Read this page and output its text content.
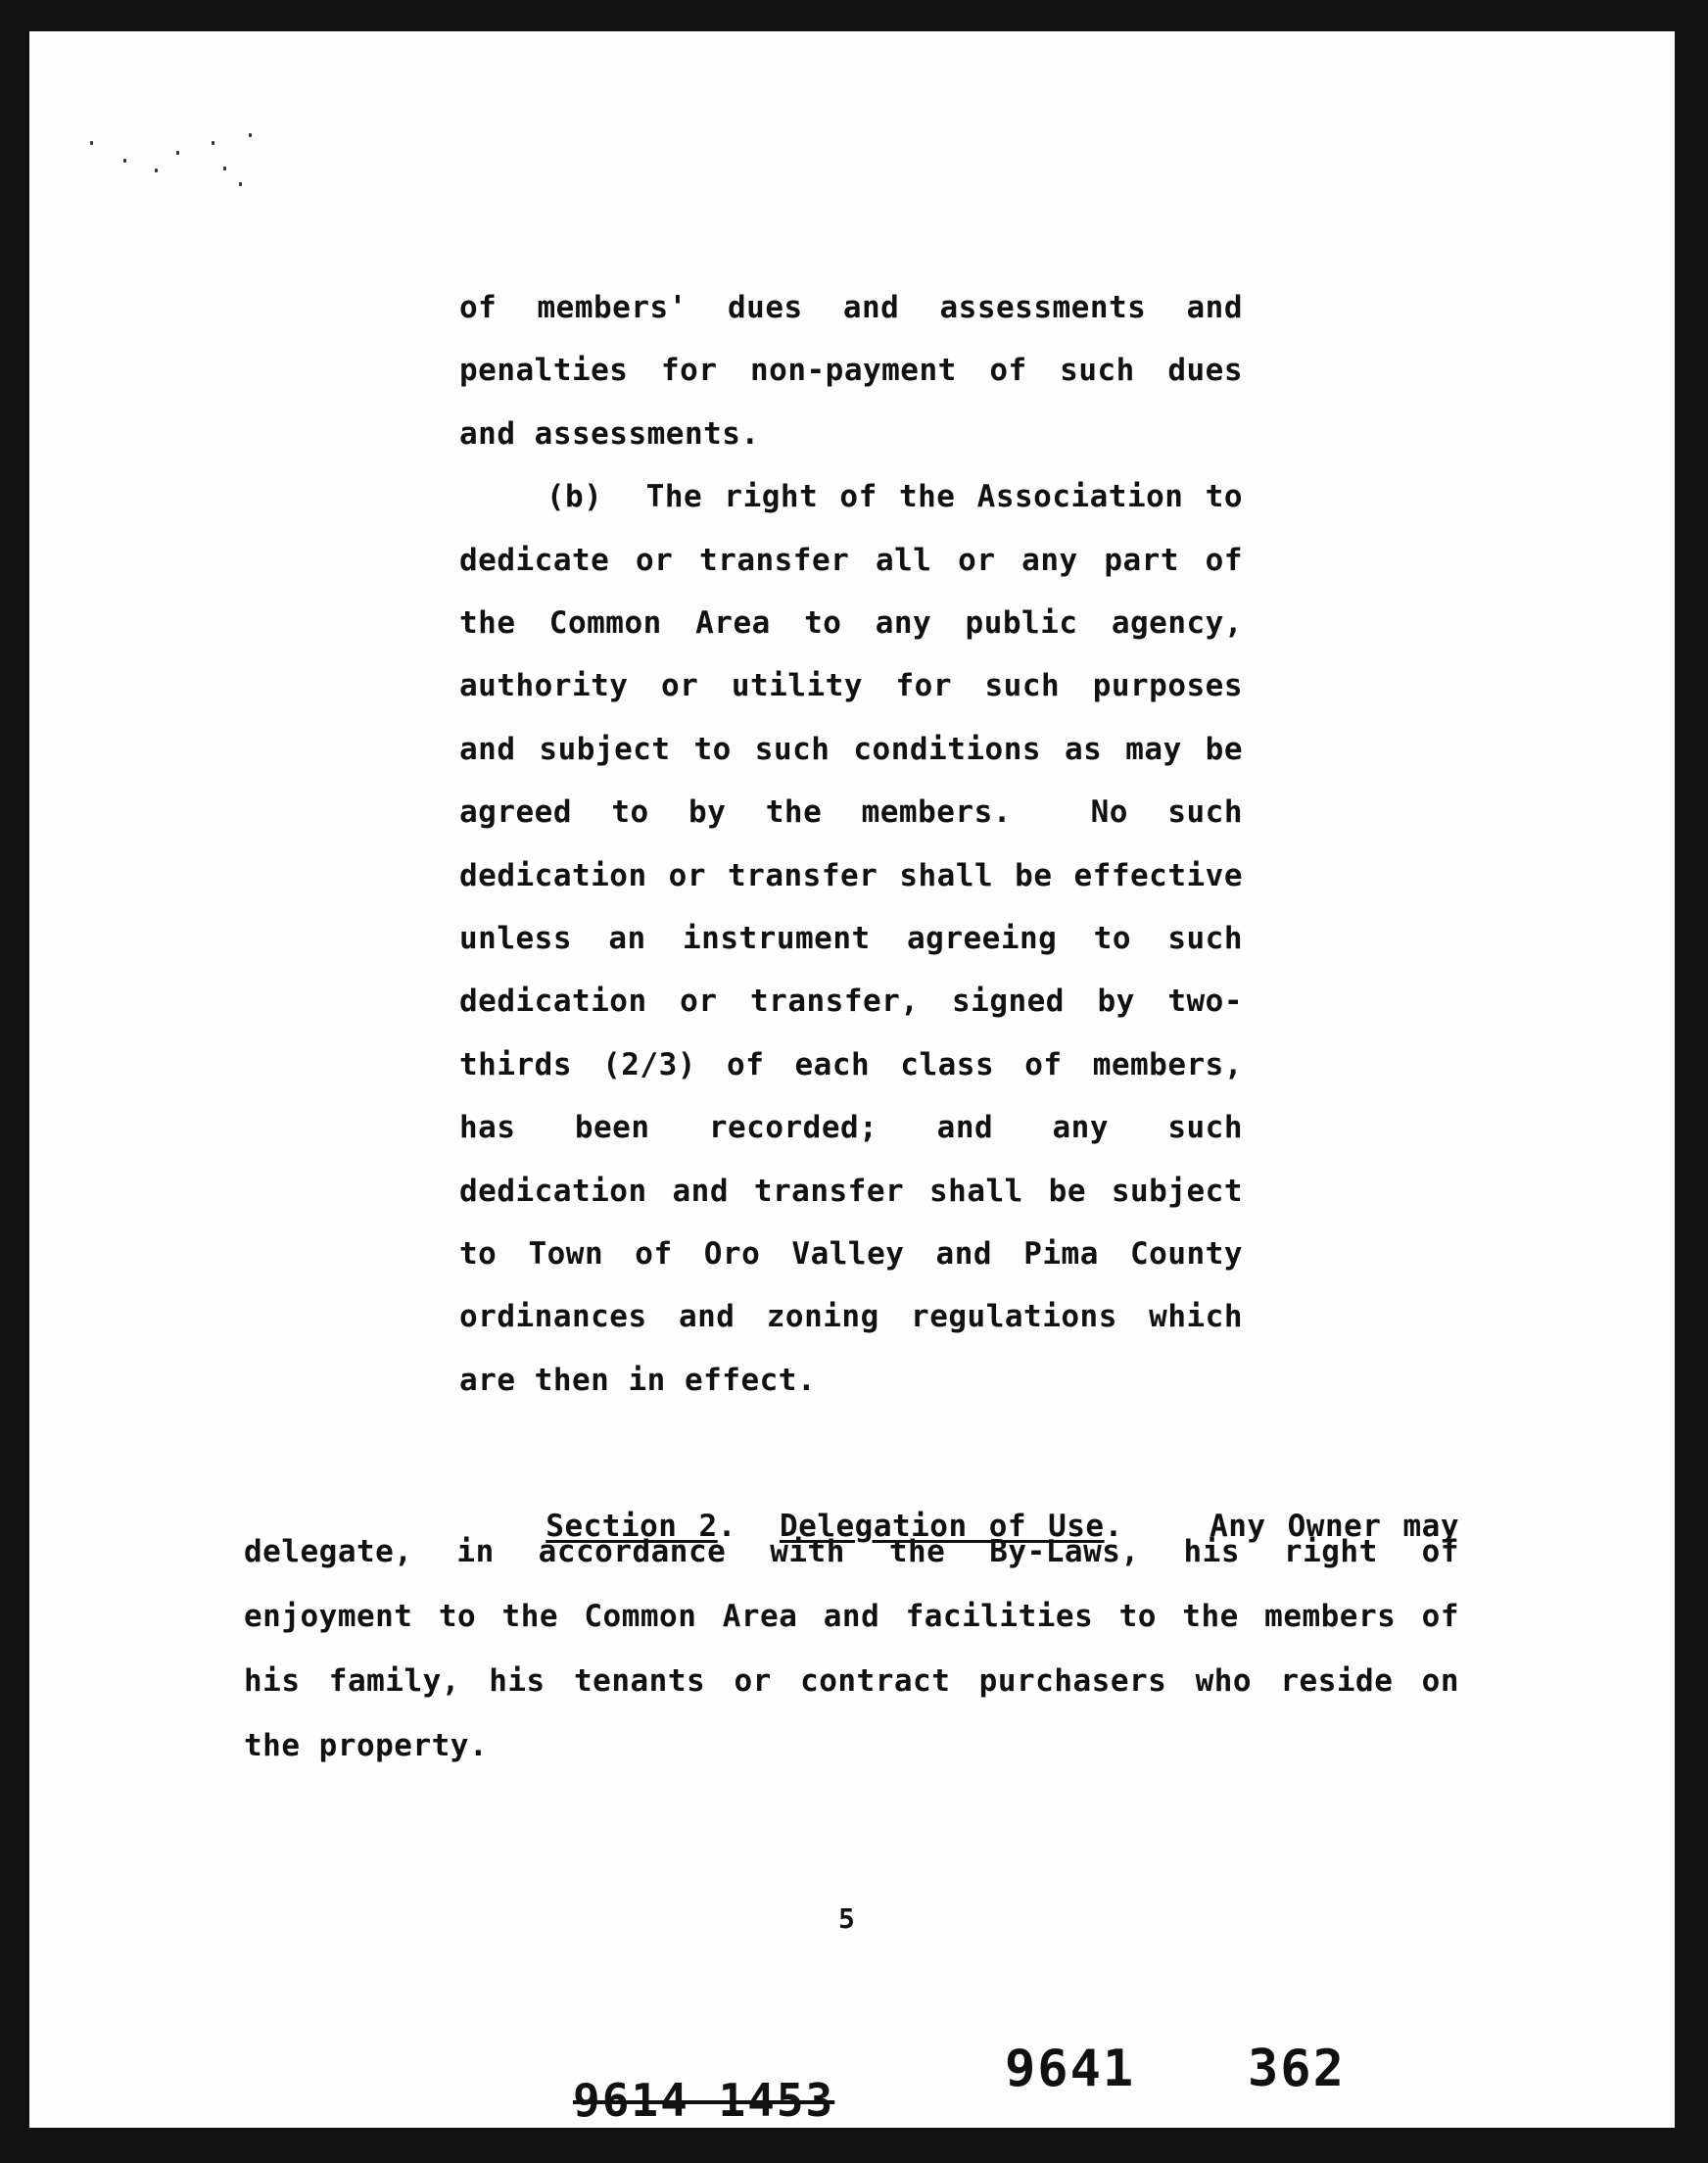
of members' dues and assessments and
penalties for non-payment of such dues
and assessments.
(b)  The right of the Association to
dedicate or transfer all or any part of
the Common Area to any public agency,
authority or utility for such purposes
and subject to such conditions as may be
agreed to by the members.  No such
dedication or transfer shall be effective
unless an instrument agreeing to such
dedication or transfer, signed by two-
thirds (2/3) of each class of members,
has been recorded; and any such
dedication and transfer shall be subject
to Town of Oro Valley and Pima County
ordinances and zoning regulations which
are then in effect.

Section 2.  Delegation of Use.    Any Owner may

delegate, in accordance with the By-Laws, his right of
enjoyment to the Common Area and facilities to the members of
his family, his tenants or contract purchasers who reside on
the property.
5
9614 1453
9641 362
